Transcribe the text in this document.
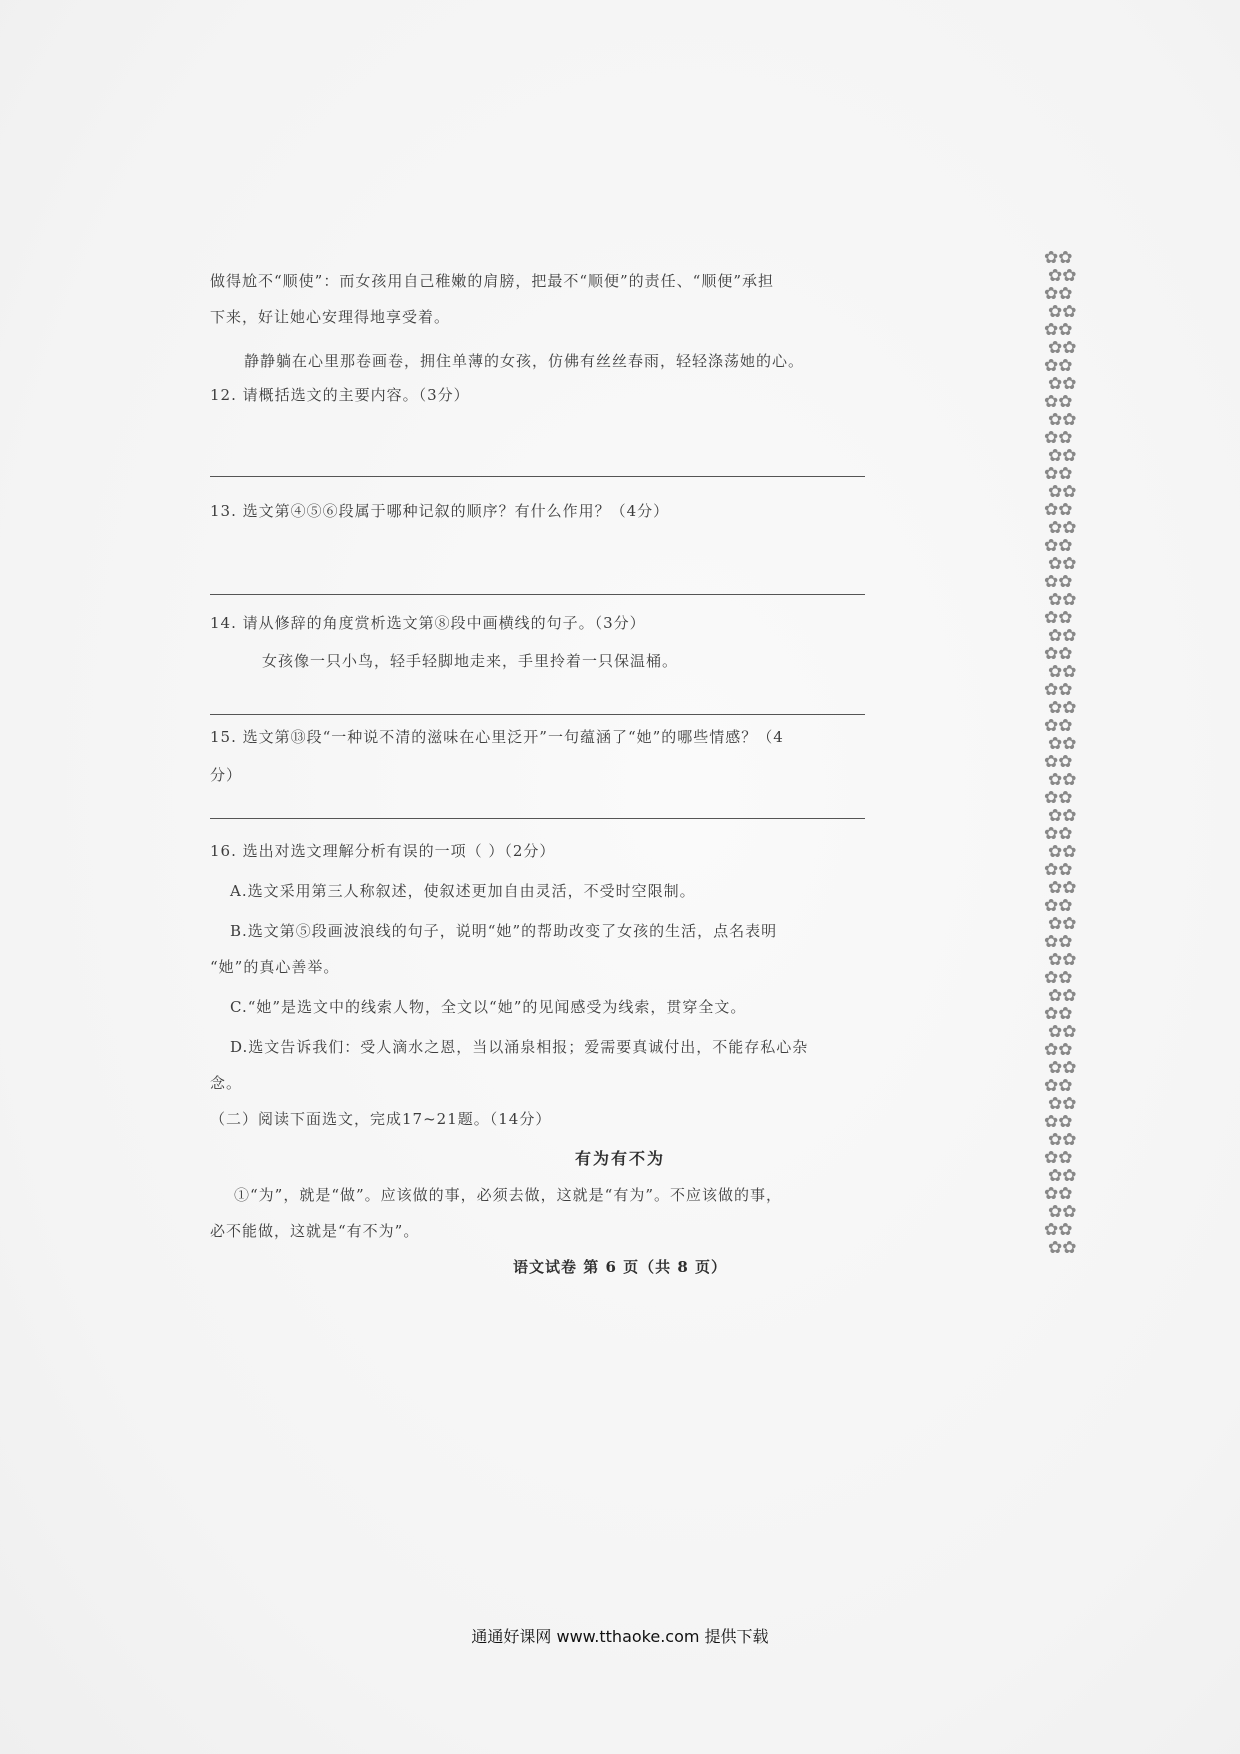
做得尬不“顺使”：而女孩用自己稚嫩的肩膀，把最不“顺便”的责任、“顺便”承担
下来，好让她心安理得地享受着。
静静躺在心里那卷画卷，拥住单薄的女孩，仿佛有丝丝春雨，轻轻涤荡她的心。
12. 请概括选文的主要内容。（3分）
13. 选文第④⑤⑥段属于哪种记叙的顺序？有什么作用？（4分）
14. 请从修辞的角度赏析选文第⑧段中画横线的句子。（3分）
女孩像一只小鸟，轻手轻脚地走来，手里拎着一只保温桶。
15. 选文第⑬段“一种说不清的滋味在心里泛开”一句蕴涵了“她”的哪些情感？（4
分）
16. 选出对选文理解分析有误的一项（ ）（2分）
A.选文采用第三人称叙述，使叙述更加自由灵活，不受时空限制。
B.选文第⑤段画波浪线的句子，说明“她”的帮助改变了女孩的生活，点名表明
“她”的真心善举。
C.“她”是选文中的线索人物，全文以“她”的见闻感受为线索，贯穿全文。
D.选文告诉我们：受人滴水之恩，当以涌泉相报；爱需要真诚付出，不能存私心杂
念。
（二）阅读下面选文，完成17~21题。（14分）
有为有不为
①“为”，就是“做”。应该做的事，必须去做，这就是“有为”。不应该做的事，
必不能做，这就是“有不为”。
语文试卷 第 6 页（共 8 页）
✿✿
✿✿
✿✿
✿✿
✿✿
✿✿
✿✿
✿✿
✿✿
✿✿
✿✿
✿✿
✿✿
✿✿
✿✿
✿✿
✿✿
✿✿
✿✿
✿✿
✿✿
✿✿
✿✿
✿✿
✿✿
✿✿
✿✿
✿✿
✿✿
✿✿
✿✿
✿✿
✿✿
✿✿
✿✿
✿✿
✿✿
✿✿
✿✿
✿✿
✿✿
✿✿
✿✿
✿✿
✿✿
✿✿
✿✿
✿✿
✿✿
✿✿
✿✿
✿✿
✿✿
✿✿
✿✿
✿✿
通通好课网 www.tthaoke.com 提供下载
